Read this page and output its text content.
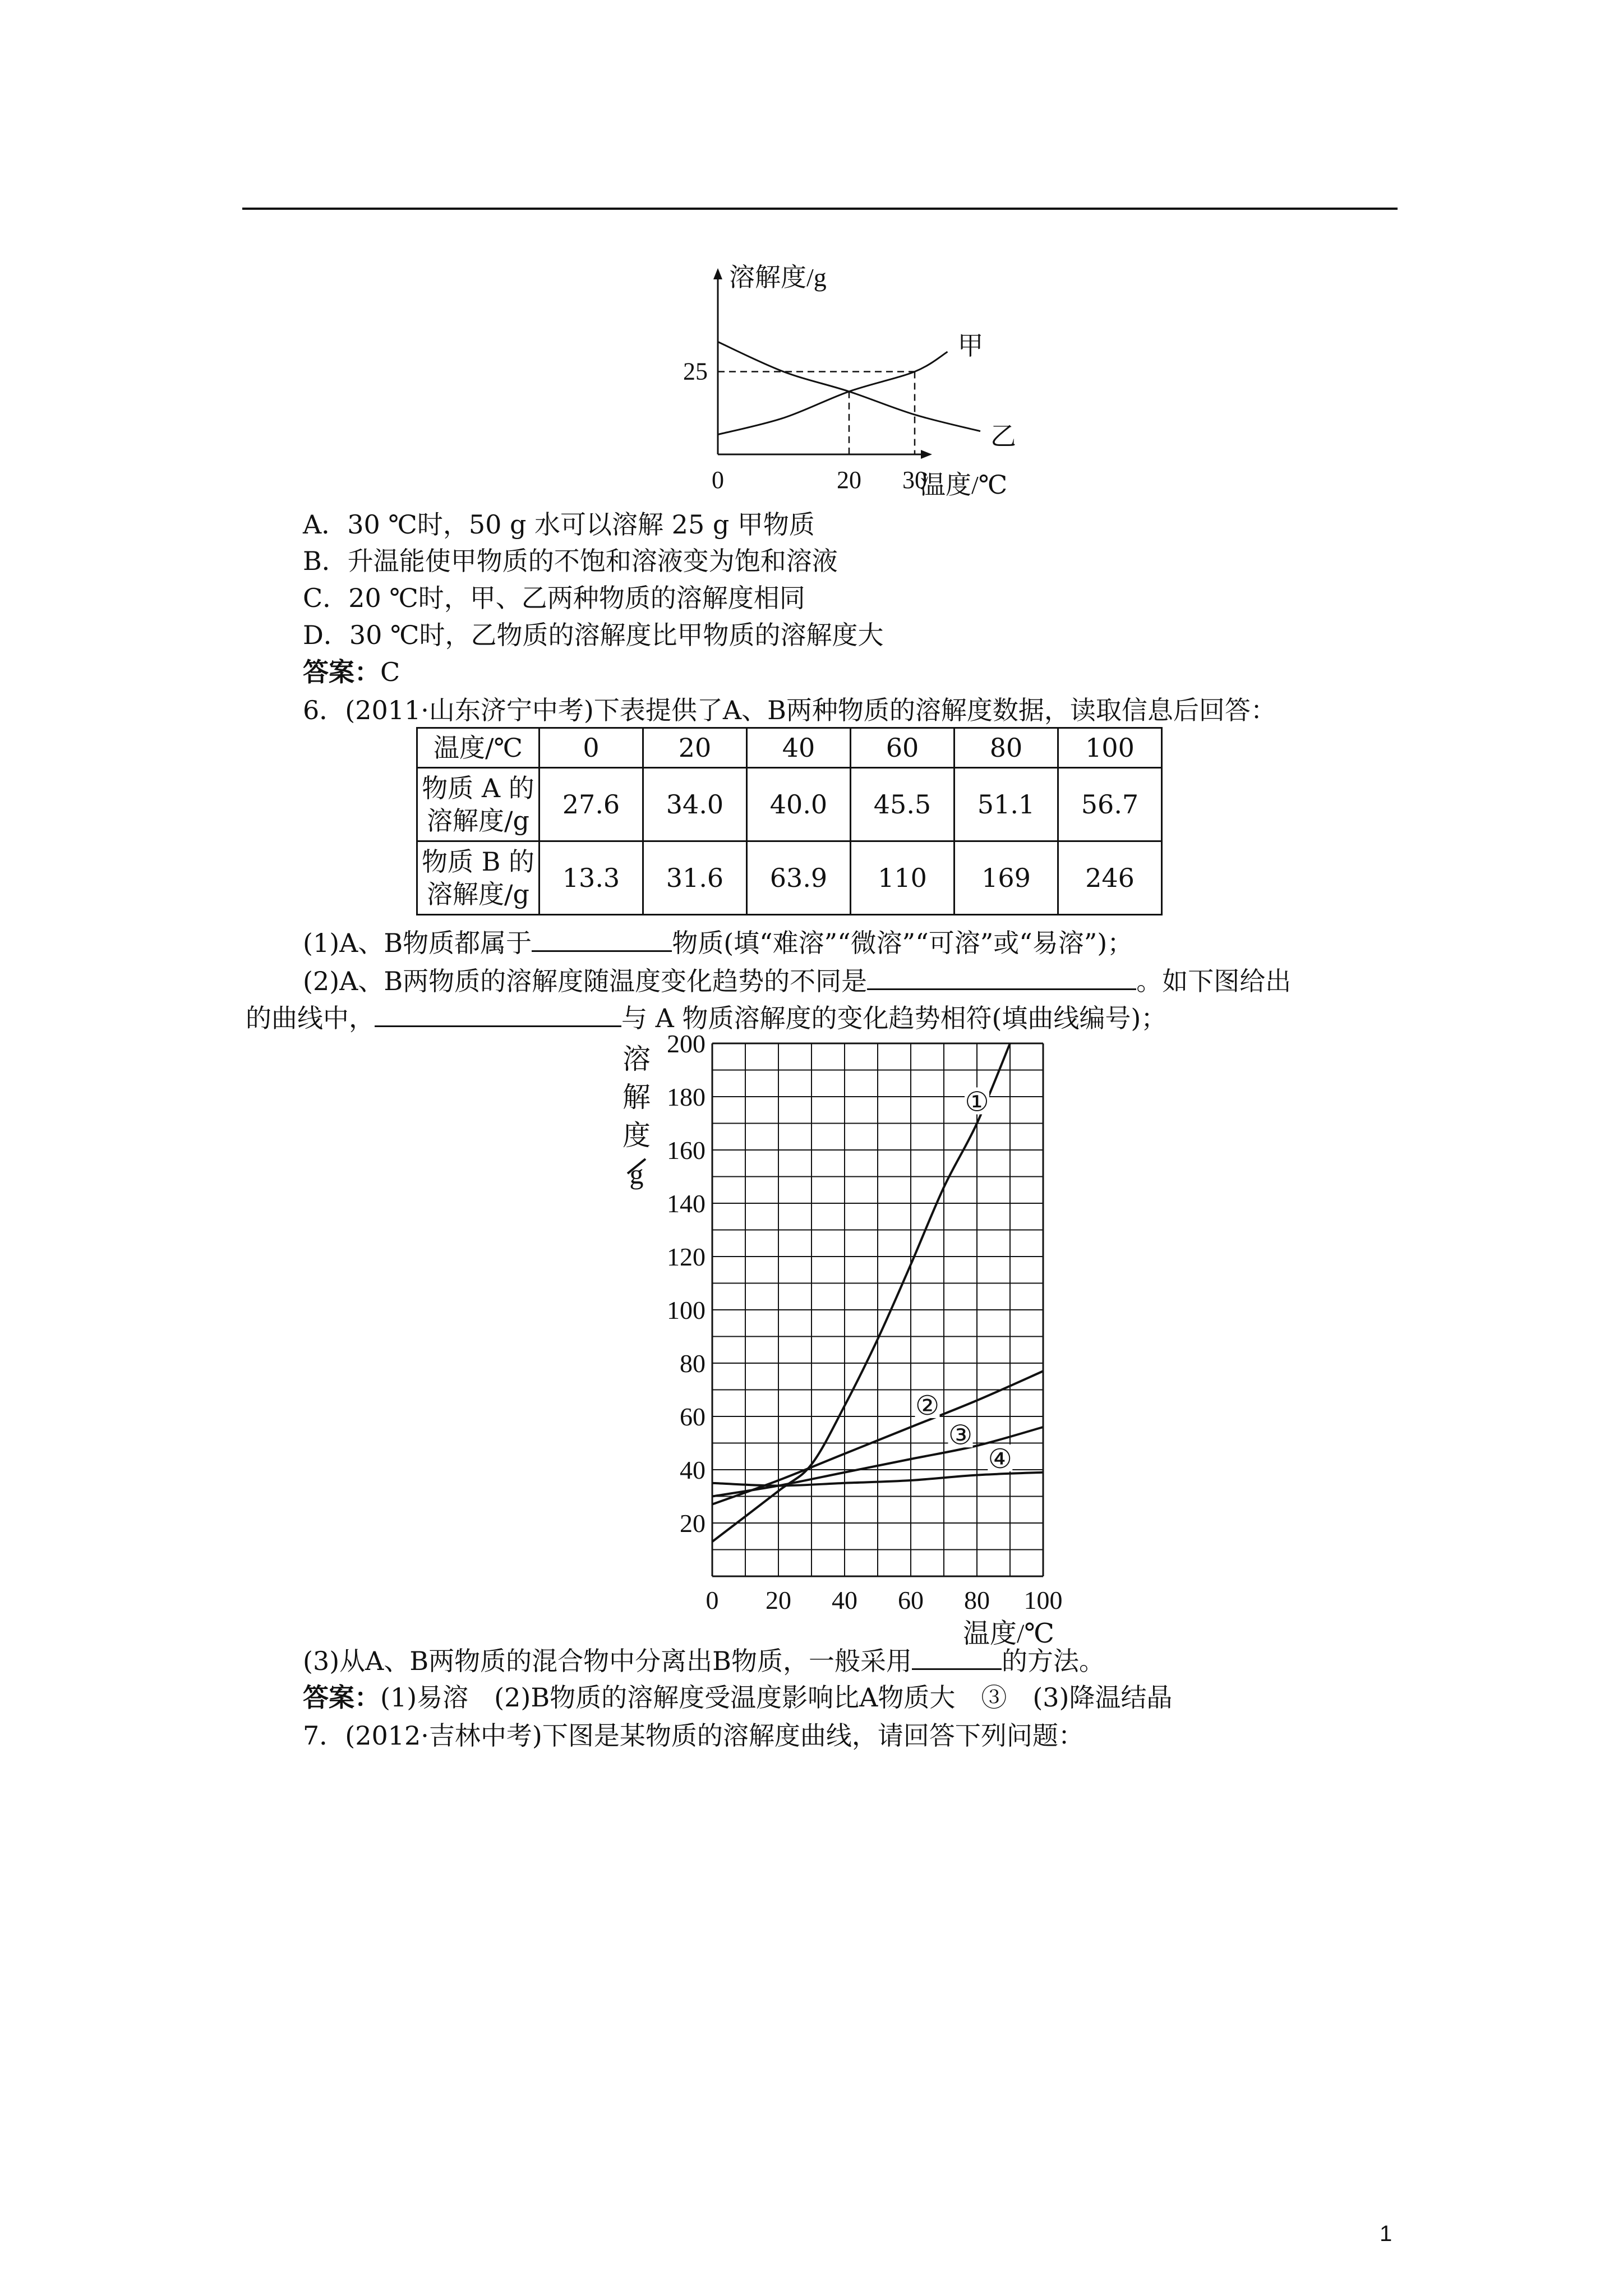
甲
乙
溶解度/g
温度/℃
25
0	20 30
A．30 ℃时，50 g 水可以溶解 25 g 甲物质
B．升温能使甲物质的不饱和溶液变为饱和溶液
C．20 ℃时，甲、乙两种物质的溶解度相同
D．30 ℃时，乙物质的溶解度比甲物质的溶解度大
答案：C
6．(2011·山东济宁中考)下表提供了A、B两种物质的溶解度数据，读取信息后回答：
温度/℃	0	20	40	60	80	100
物质 A 的
溶解度/g	27.6	34.0	40.0	45.5	51.1	56.7
物质 B 的
溶解度/g	13.3	31.6	63.9	110	169	246
(1)A、B物质都属于	物质(填“难溶”“微溶”“可溶”或“易溶”)；
(2)A、B两物质的溶解度随温度变化趋势的不同是	。如下图给出
的曲线中，	与 A 物质溶解度的变化趋势相符(填曲线编号)；
20
40
60
80
100
120
140
160
180
200
0 20 40 60 80 100
①
②
③
④
溶
解
度
g
温度/℃
(3)从A、B两物质的混合物中分离出B物质，一般采用	的方法。
答案：(1)易溶　(2)B物质的溶解度受温度影响比A物质大　③　(3)降温结晶
7．(2012·吉林中考)下图是某物质的溶解度曲线，请回答下列问题：
1
